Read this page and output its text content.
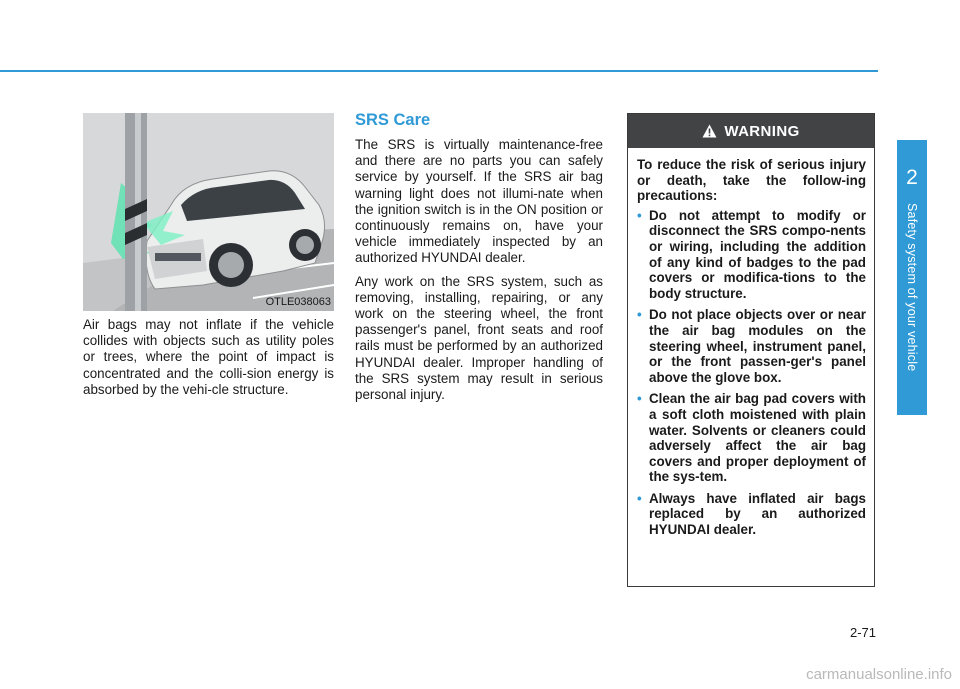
OTLE038063
Air bags may not inflate if the vehicle collides with objects such as utility poles or trees, where the point of impact is concentrated and the colli-sion energy is absorbed by the vehi-cle structure.
SRS Care

The SRS is virtually maintenance-free and there are no parts you can safely service by yourself. If the SRS air bag warning light does not illumi-nate when the ignition switch is in the ON position or continuously remains on, have your vehicle immediately inspected by an authorized HYUNDAI dealer.

Any work on the SRS system, such as removing, installing, repairing, or any work on the steering wheel, the front passenger's panel, front seats and roof rails must be performed by an authorized HYUNDAI dealer. Improper handling of the SRS system may result in serious personal injury.

WARNING

To reduce the risk of serious injury or death, take the follow-ing precautions:

• Do not attempt to modify or disconnect the SRS compo-nents or wiring, including the addition of any kind of badges to the pad covers or modifica-tions to the body structure.
• Do not place objects over or near the air bag modules on the steering wheel, instrument panel, or the front passen-ger's panel above the glove box.
• Clean the air bag pad covers with a soft cloth moistened with plain water. Solvents or cleaners could adversely affect the air bag covers and proper deployment of the sys-tem.
• Always have inflated air bags replaced by an authorized HYUNDAI dealer.
2
Safety system of your vehicle
2-71
carmanualsonline.info
